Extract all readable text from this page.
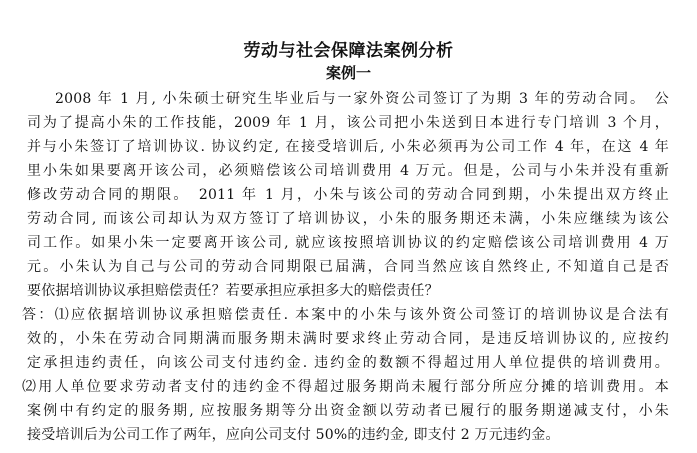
劳动与社会保障法案例分析
案例一
2008 年 1 月, 小朱硕士研究生毕业后与一家外资公司签订了为期 3 年的劳动合同。　公
司为了提高小朱的工作技能，2009 年 1 月，该公司把小朱送到日本进行专门培训 3 个月，
并与小朱签订了培训协议. 协议约定, 在接受培训后, 小朱必须再为公司工作 4 年，在这 4 年
里小朱如果要离开该公司，必须赔偿该公司培训费用 4 万元。但是，公司与小朱并没有重新
修改劳动合同的期限。　2011 年 1 月，小朱与该公司的劳动合同到期，小朱提出双方终止
劳动合同, 而该公司却认为双方签订了培训协议，小朱的服务期还未满，小朱应继续为该公
司工作。如果小朱一定要离开该公司, 就应该按照培训协议的约定赔偿该公司培训费用 4 万
元。小朱认为自己与公司的劳动合同期限已届满，合同当然应该自然终止, 不知道自己是否
要依据培训协议承担赔偿责任？若要承担应承担多大的赔偿责任？
答：⑴应依据培训协议承担赔偿责任. 本案中的小朱与该外资公司签订的培训协议是合法有
效的，小朱在劳动合同期满而服务期未满时要求终止劳动合同，是违反培训协议的, 应按约
定承担违约责任，向该公司支付违约金. 违约金的数额不得超过用人单位提供的培训费用。
⑵用人单位要求劳动者支付的违约金不得超过服务期尚未履行部分所应分摊的培训费用。本
案例中有约定的服务期, 应按服务期等分出资金额以劳动者已履行的服务期递减支付，小朱
接受培训后为公司工作了两年，应向公司支付 50%的违约金, 即支付 2 万元违约金。
